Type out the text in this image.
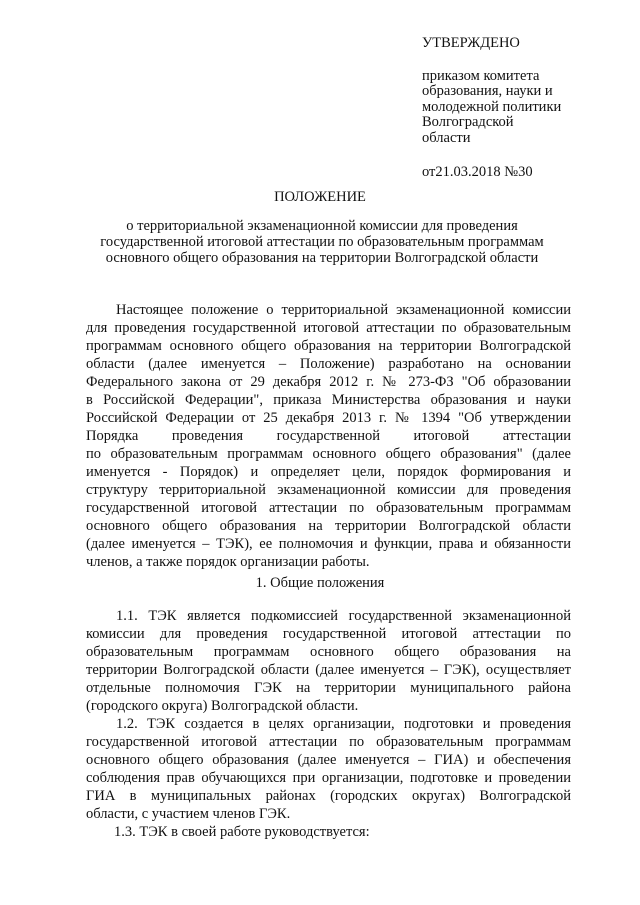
УТВЕРЖДЕНО
приказом комитета
образования, науки и
молодежной политики
Волгоградской
области
от21.03.2018 №30
ПОЛОЖЕНИЕ
о территориальной экзаменационной комиссии для проведения
государственной итоговой аттестации по образовательным программам
основного общего образования на территории Волгоградской области
Настоящее положение о территориальной экзаменационной комиссии
для проведения государственной итоговой аттестации по образовательным
программам основного общего образования на территории Волгоградской
области (далее именуется – Положение) разработано на основании
Федерального закона от 29 декабря 2012 г. № 273-ФЗ "Об образовании
в Российской Федерации", приказа Министерства образования и науки
Российской Федерации от 25 декабря 2013 г. № 1394 "Об утверждении
Порядка проведения государственной итоговой аттестации
по образовательным программам основного общего образования" (далее
именуется - Порядок) и определяет цели, порядок формирования и
структуру территориальной экзаменационной комиссии для проведения
государственной итоговой аттестации по образовательным программам
основного общего образования на территории Волгоградской области
(далее именуется – ТЭК), ее полномочия и функции, права и обязанности
членов, а также порядок организации работы.
1. Общие положения
1.1. ТЭК является подкомиссией государственной экзаменационной
комиссии для проведения государственной итоговой аттестации по
образовательным программам основного общего образования на
территории Волгоградской области (далее именуется – ГЭК), осуществляет
отдельные полномочия ГЭК на территории муниципального района
(городского округа) Волгоградской области.
1.2. ТЭК создается в целях организации, подготовки и проведения
государственной итоговой аттестации по образовательным программам
основного общего образования (далее именуется – ГИА) и обеспечения
соблюдения прав обучающихся при организации, подготовке и проведении
ГИА в муниципальных районах (городских округах) Волгоградской
области, с участием членов ГЭК.
1.3. ТЭК в своей работе руководствуется:
